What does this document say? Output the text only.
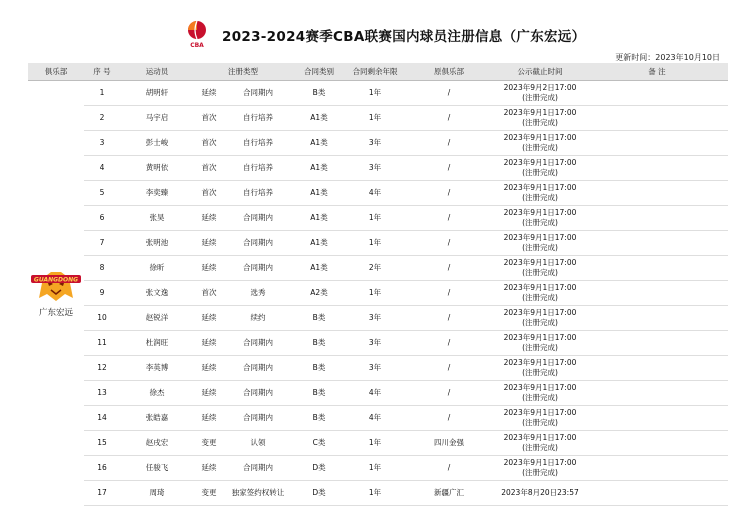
CBA
2023-2024赛季CBA联赛国内球员注册信息（广东宏远）
更新时间：2023年10月10日
俱乐部	序 号	运动员	注册类型		合同类别	合同剩余年限	原俱乐部	公示截止时间	备 注

GUANGDONG
广东宏远	1	胡明轩	延续	合同期内	B类	1年	/	2023年9月2日17:00
(注册完成)	

	2	马宇启	首次	自行培养	A1类	1年	/	2023年9月1日17:00
(注册完成)	

	3	彭士峻	首次	自行培养	A1类	3年	/	2023年9月1日17:00
(注册完成)	

	4	黄明依	首次	自行培养	A1类	3年	/	2023年9月1日17:00
(注册完成)	

	5	李奕臻	首次	自行培养	A1类	4年	/	2023年9月1日17:00
(注册完成)	

	6	张昊	延续	合同期内	A1类	1年	/	2023年9月1日17:00
(注册完成)	

	7	张明池	延续	合同期内	A1类	1年	/	2023年9月1日17:00
(注册完成)	

	8	徐昕	延续	合同期内	A1类	2年	/	2023年9月1日17:00
(注册完成)	

	9	张文逸	首次	选秀	A2类	1年	/	2023年9月1日17:00
(注册完成)	

	10	赵锐洋	延续	续约	B类	3年	/	2023年9月1日17:00
(注册完成)	

	11	杜润旺	延续	合同期内	B类	3年	/	2023年9月1日17:00
(注册完成)	

	12	李英博	延续	合同期内	B类	3年	/	2023年9月1日17:00
(注册完成)	

	13	徐杰	延续	合同期内	B类	4年	/	2023年9月1日17:00
(注册完成)	

	14	张皓嘉	延续	合同期内	B类	4年	/	2023年9月1日17:00
(注册完成)	

	15	赵戌宏	变更	认领	C类	1年	四川金强	2023年9月1日17:00
(注册完成)	

	16	任骏飞	延续	合同期内	D类	1年	/	2023年9月1日17:00
(注册完成)	

	17	周琦	变更	独家签约权转让	D类	1年	新疆广汇	2023年8月20日23:57	
